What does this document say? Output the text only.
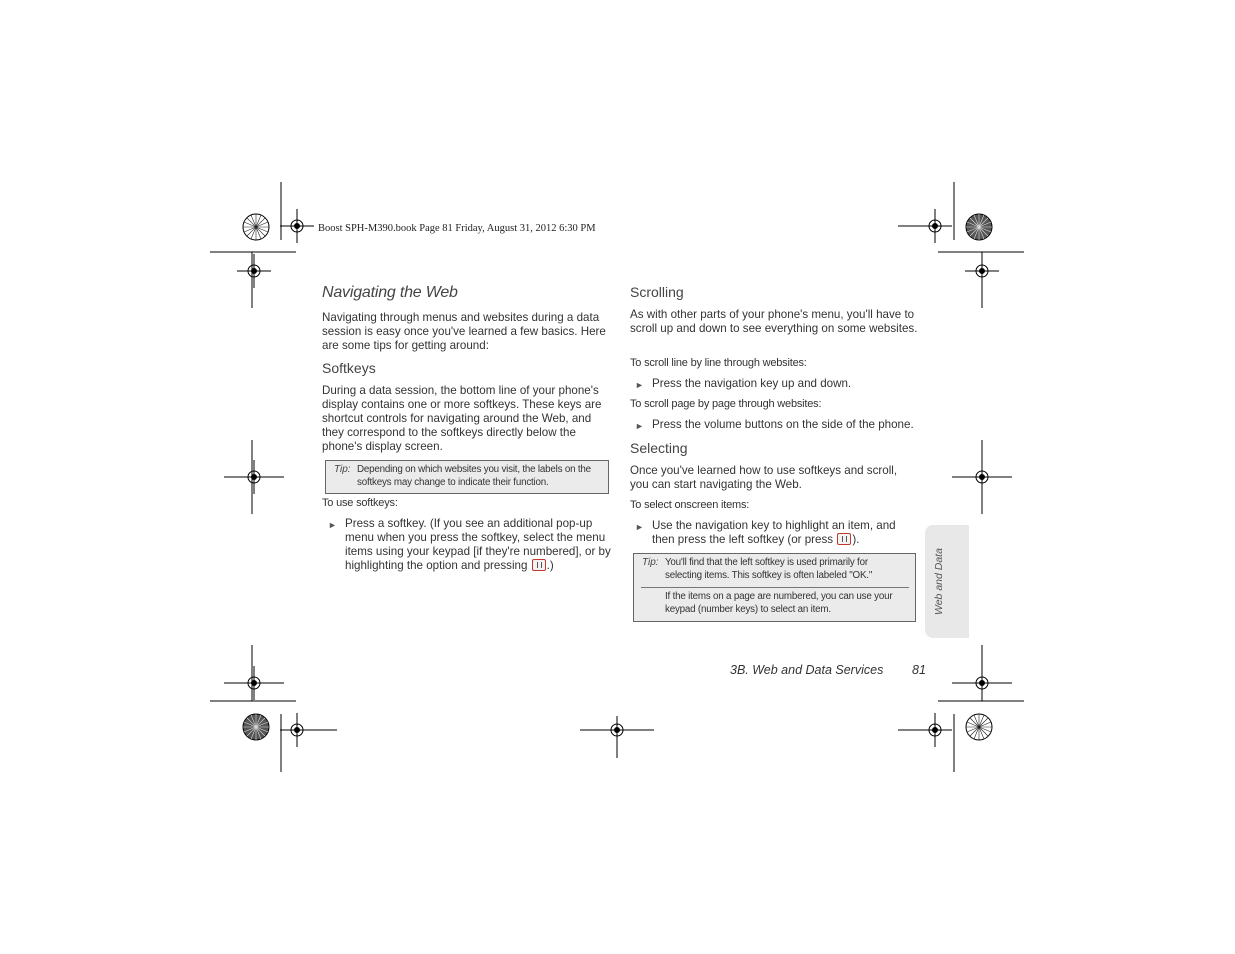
Boost SPH-M390.book Page 81 Friday, August 31, 2012 6:30 PM
Navigating the Web
Navigating through menus and websites during a data session is easy once you've learned a few basics. Here are some tips for getting around:
Softkeys
During a data session, the bottom line of your phone's display contains one or more softkeys. These keys are shortcut controls for navigating around the Web, and they correspond to the softkeys directly below the phone's display screen.
Tip: Depending on which websites you visit, the labels on the softkeys may change to indicate their function.
To use softkeys:
► Press a softkey. (If you see an additional pop-up menu when you press the softkey, select the menu items using your keypad [if they're numbered], or by highlighting the option and pressing .)
Scrolling
As with other parts of your phone's menu, you'll have to scroll up and down to see everything on some websites.
To scroll line by line through websites:
► Press the navigation key up and down.
To scroll page by page through websites:
► Press the volume buttons on the side of the phone.
Selecting
Once you've learned how to use softkeys and scroll, you can start navigating the Web.
To select onscreen items:
► Use the navigation key to highlight an item, and then press the left softkey (or press ).
Tip: You'll find that the left softkey is used primarily for selecting items. This softkey is often labeled "OK."
If the items on a page are numbered, you can use your keypad (number keys) to select an item.	Web and Data
3B. Web and Data Services 81
